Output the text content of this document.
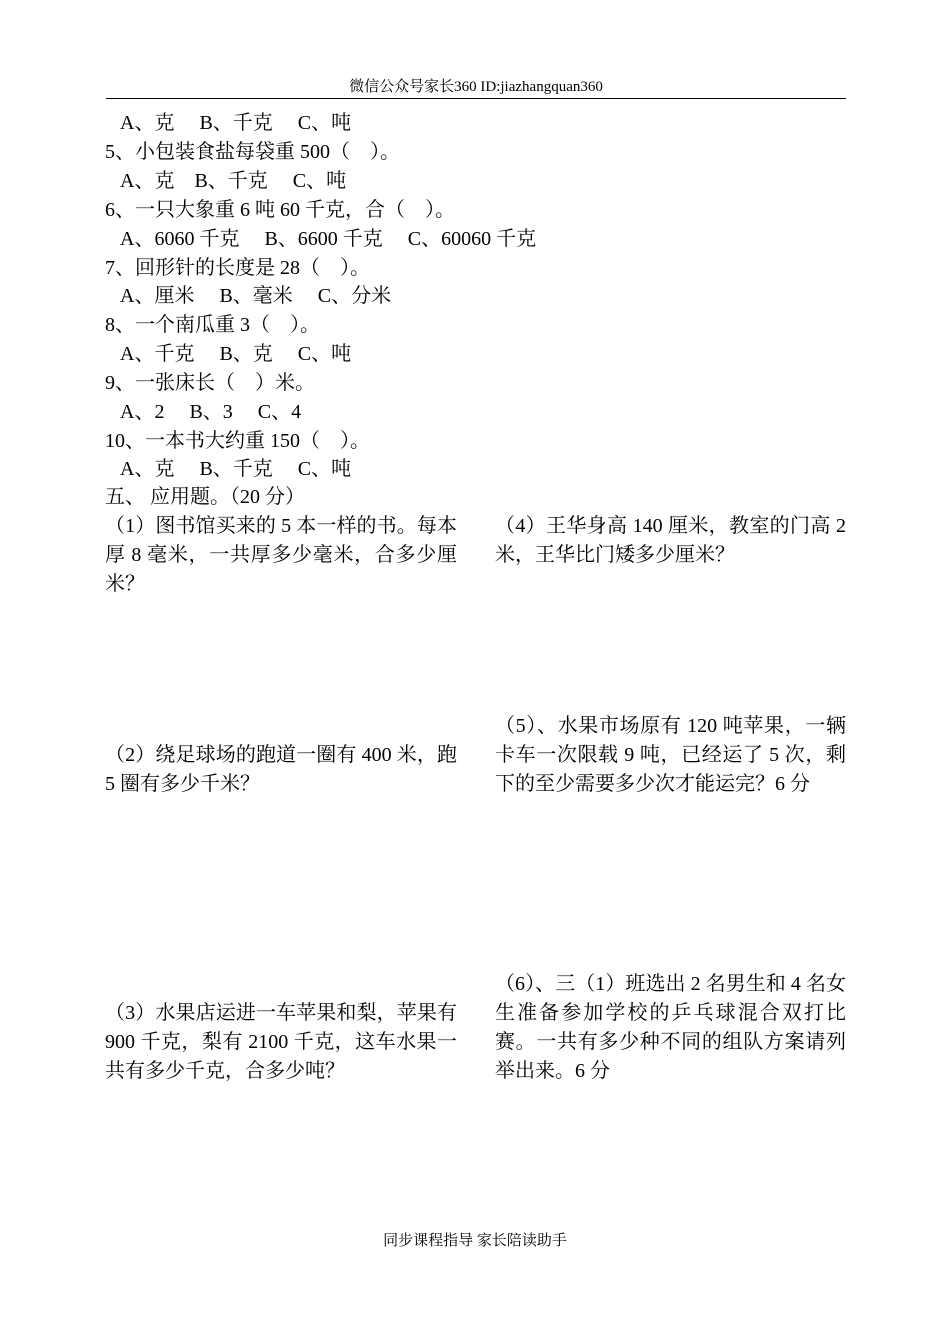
微信公众号家长360 ID:jiazhangquan360
A、克　 B、千克　 C、吨
5、小包装食盐每袋重 500（　）。
A、克　B、千克　 C、吨
6、一只大象重 6 吨 60 千克，合（　）。
A、6060 千克　 B、6600 千克　 C、60060 千克
7、回形针的长度是 28（　）。
A、厘米　 B、毫米　 C、分米
8、一个南瓜重 3（　）。
A、千克　 B、克　 C、吨
9、一张床长（　）米。
A、2　 B、3　 C、4
10、一本书大约重 150（　）。
A、克　 B、千克　 C、吨
五、 应用题。（20 分）
（1）图书馆买来的 5 本一样的书。每本厚 8 毫米，一共厚多少毫米，合多少厘米？
（4）王华身高 140 厘米，教室的门高 2 米，王华比门矮多少厘米？
（2）绕足球场的跑道一圈有 400 米，跑 5 圈有多少千米？
（5）、水果市场原有 120 吨苹果，一辆卡车一次限载 9 吨，已经运了 5 次，剩下的至少需要多少次才能运完？6 分
（3）水果店运进一车苹果和梨，苹果有 900 千克，梨有 2100 千克，这车水果一共有多少千克，合多少吨？
（6）、三（1）班选出 2 名男生和 4 名女生准备参加学校的乒乓球混合双打比赛。一共有多少种不同的组队方案请列举出来。6 分
同步课程指导 家长陪读助手
